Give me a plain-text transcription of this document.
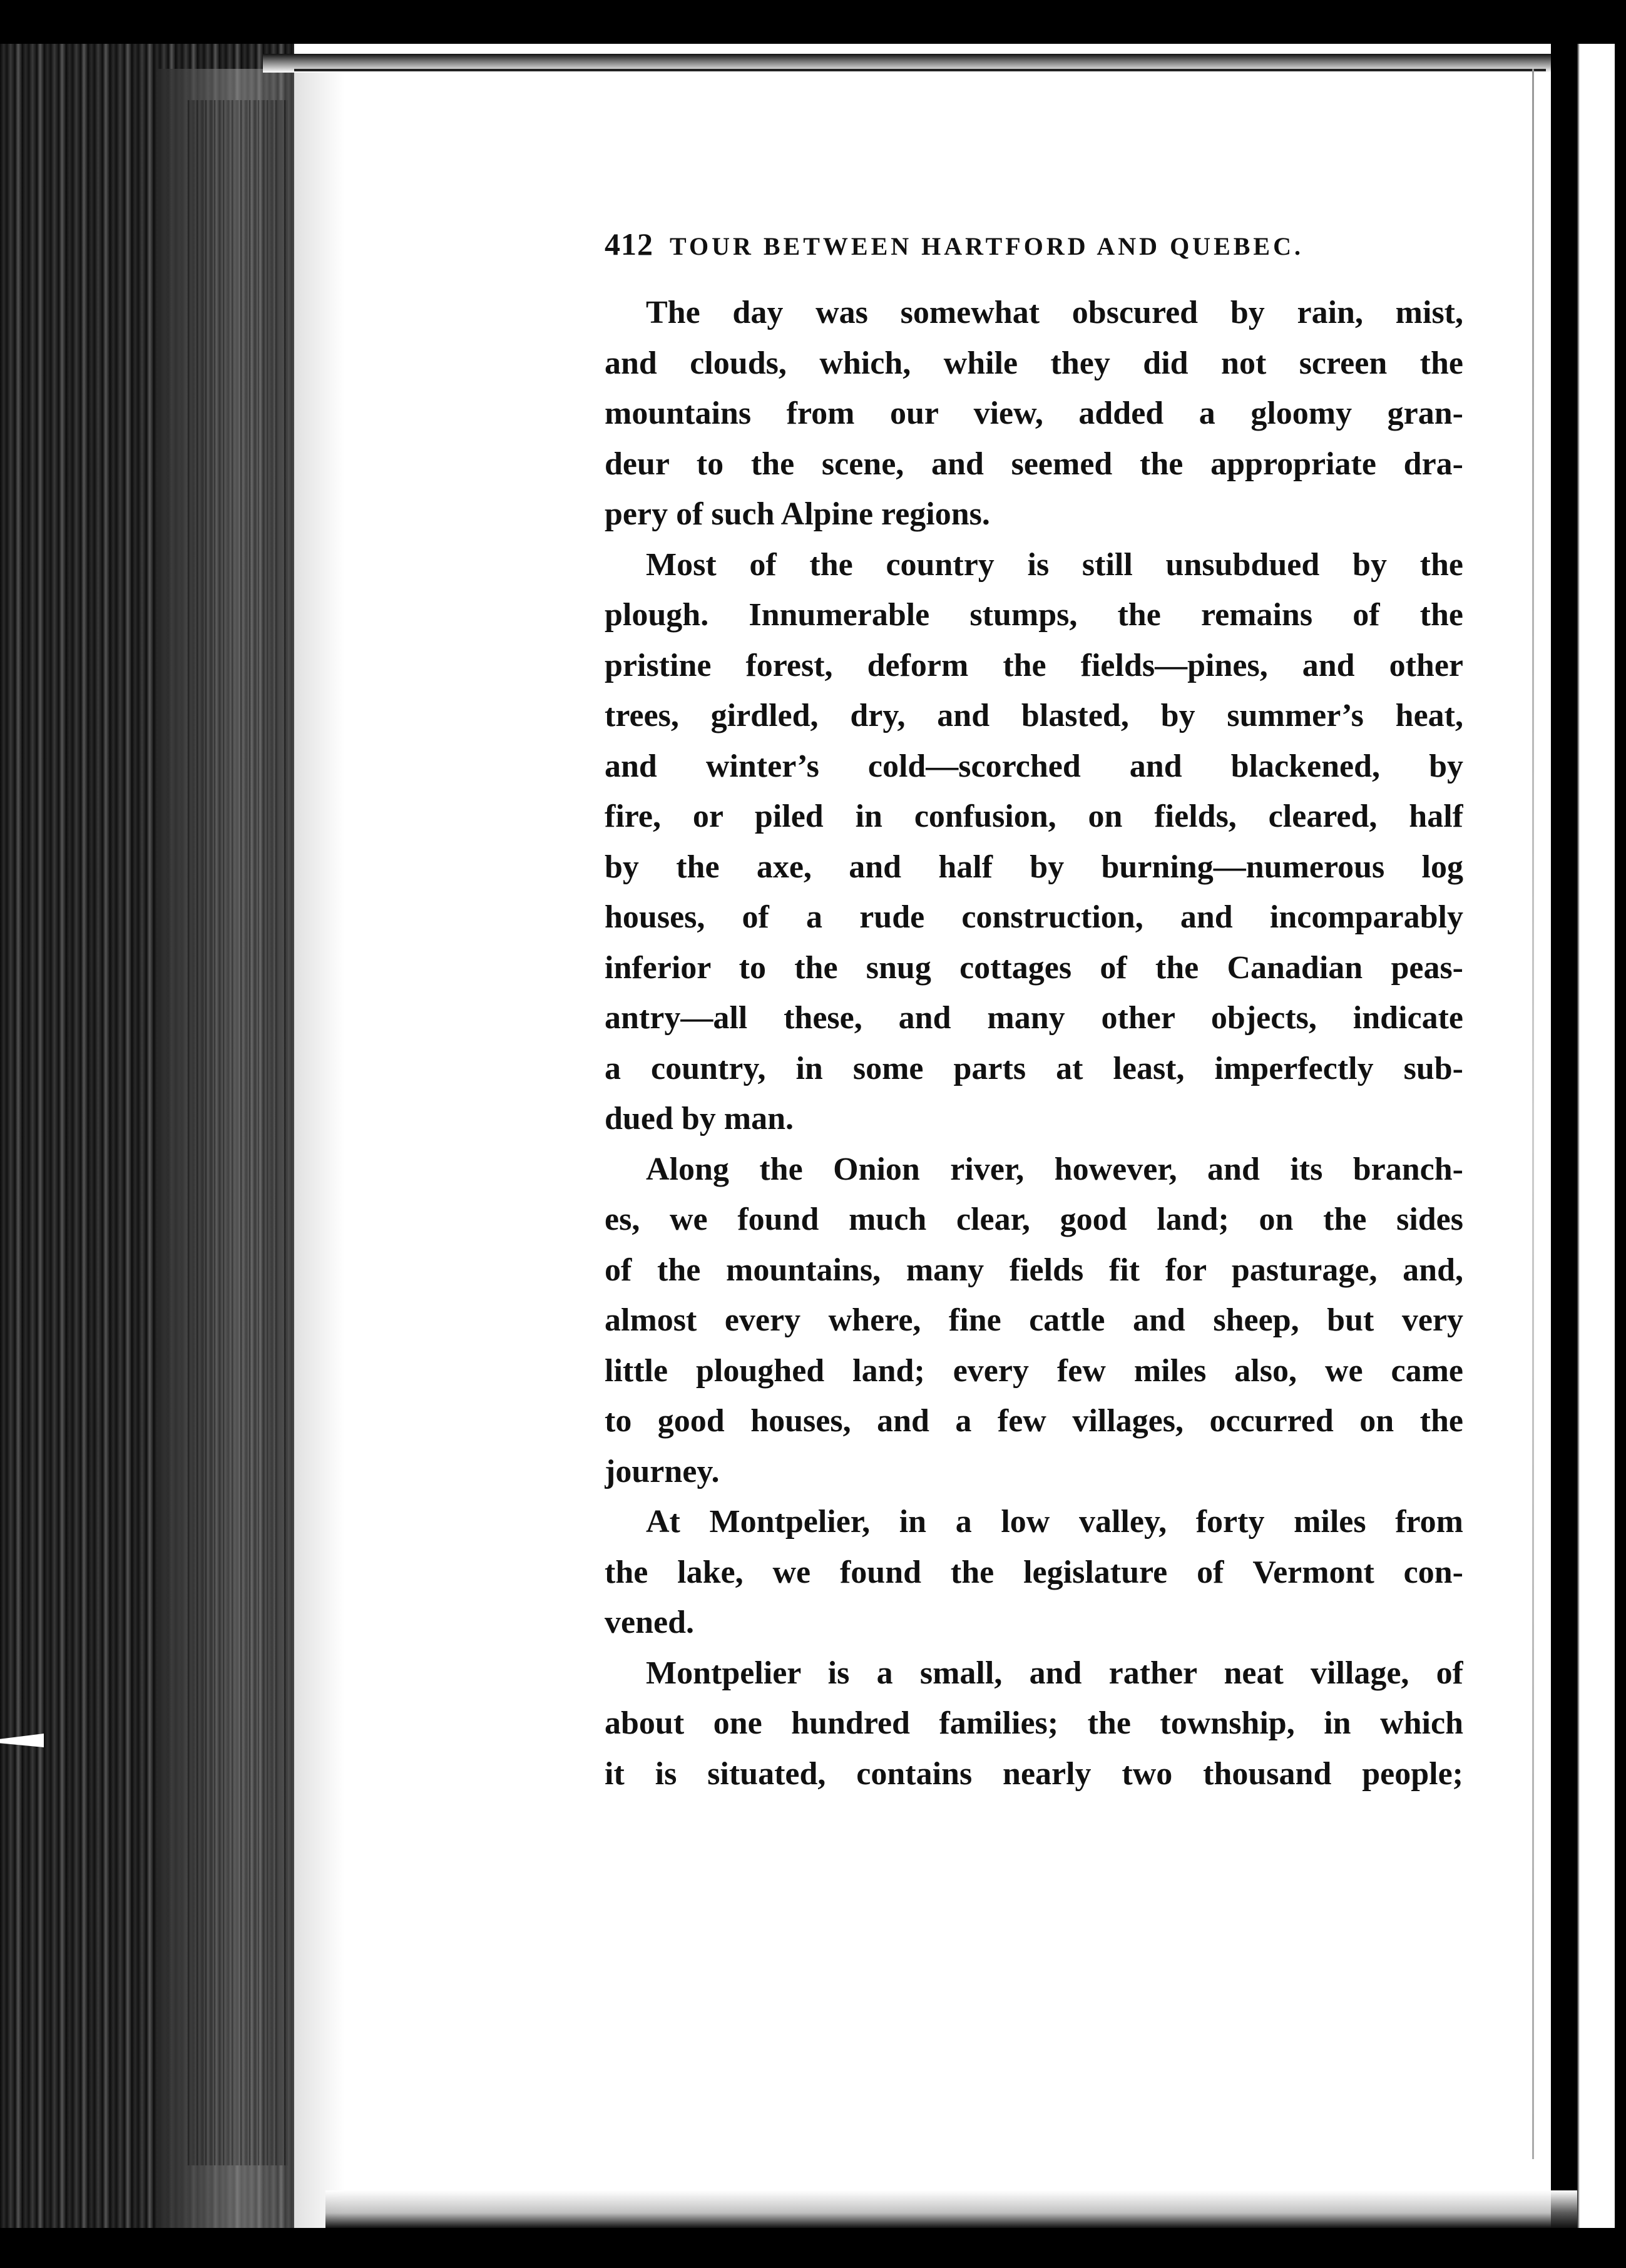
412 TOUR BETWEEN HARTFORD AND QUEBEC.
The day was somewhat obscured by rain, mist,
and clouds, which, while they did not screen the
mountains from our view, added a gloomy gran-
deur to the scene, and seemed the appropriate dra-
pery of such Alpine regions.
Most of the country is still unsubdued by the
plough. Innumerable stumps, the remains of the
pristine forest, deform the fields—pines, and other
trees, girdled, dry, and blasted, by summer’s heat,
and winter’s cold—scorched and blackened, by
fire, or piled in confusion, on fields, cleared, half
by the axe, and half by burning—numerous log
houses, of a rude construction, and incomparably
inferior to the snug cottages of the Canadian peas-
antry—all these, and many other objects, indicate
a country, in some parts at least, imperfectly sub-
dued by man.
Along the Onion river, however, and its branch-
es, we found much clear, good land; on the sides
of the mountains, many fields fit for pasturage, and,
almost every where, fine cattle and sheep, but very
little ploughed land; every few miles also, we came
to good houses, and a few villages, occurred on the
journey.
At Montpelier, in a low valley, forty miles from
the lake, we found the legislature of Vermont con-
vened.
Montpelier is a small, and rather neat village, of
about one hundred families; the township, in which
it is situated, contains nearly two thousand people;
